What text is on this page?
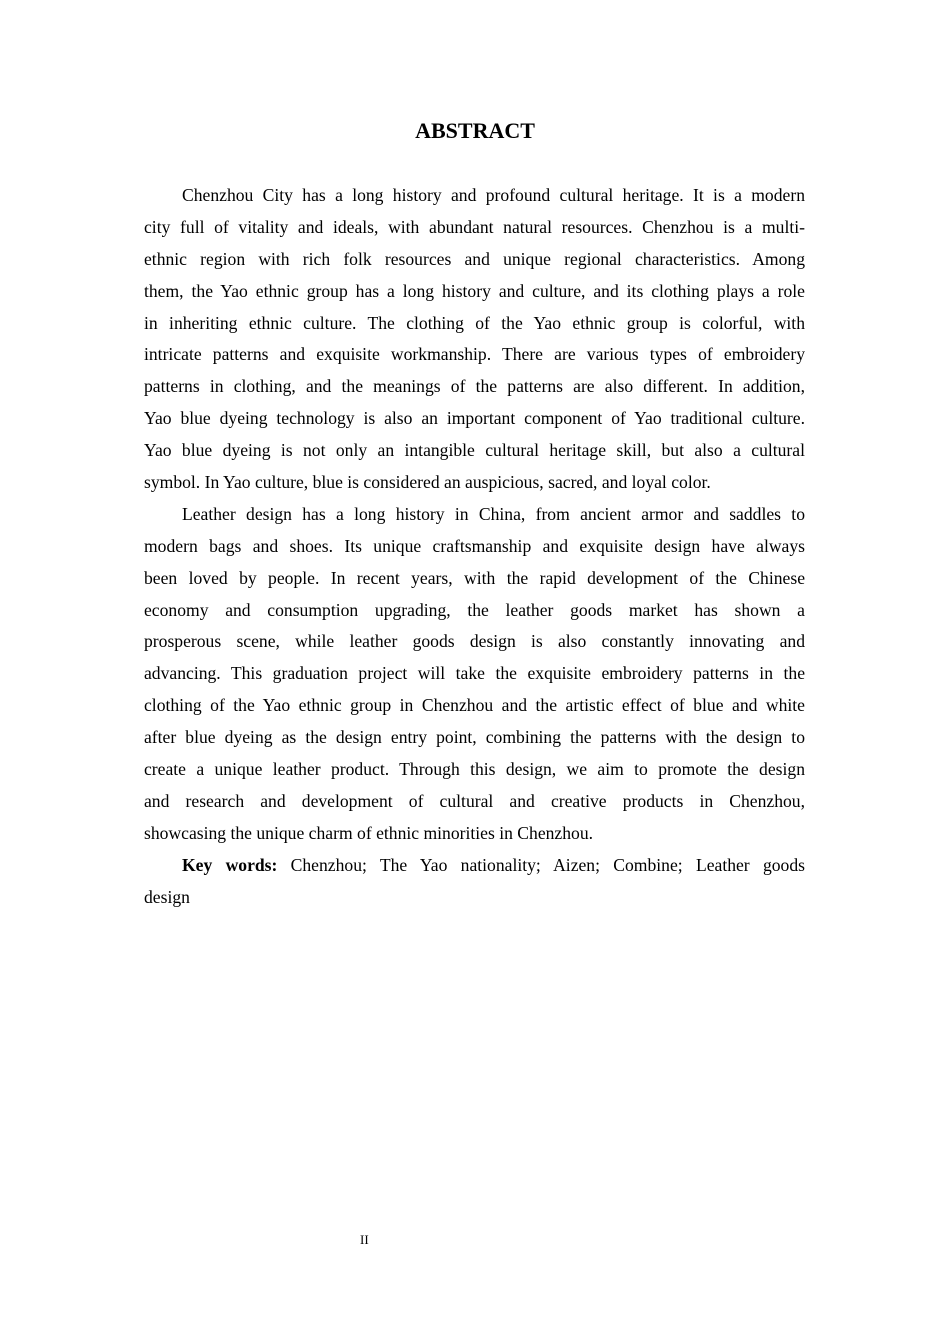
ABSTRACT
Chenzhou City has a long history and profound cultural heritage. It is a modern
city full of vitality and ideals, with abundant natural resources. Chenzhou is a multi-
ethnic region with rich folk resources and unique regional characteristics. Among
them, the Yao ethnic group has a long history and culture, and its clothing plays a role
in inheriting ethnic culture. The clothing of the Yao ethnic group is colorful, with
intricate patterns and exquisite workmanship. There are various types of embroidery
patterns in clothing, and the meanings of the patterns are also different. In addition,
Yao blue dyeing technology is also an important component of Yao traditional culture.
Yao blue dyeing is not only an intangible cultural heritage skill, but also a cultural
symbol. In Yao culture, blue is considered an auspicious, sacred, and loyal color.
Leather design has a long history in China, from ancient armor and saddles to
modern bags and shoes. Its unique craftsmanship and exquisite design have always
been loved by people. In recent years, with the rapid development of the Chinese
economy and consumption upgrading, the leather goods market has shown a
prosperous scene, while leather goods design is also constantly innovating and
advancing. This graduation project will take the exquisite embroidery patterns in the
clothing of the Yao ethnic group in Chenzhou and the artistic effect of blue and white
after blue dyeing as the design entry point, combining the patterns with the design to
create a unique leather product. Through this design, we aim to promote the design
and research and development of cultural and creative products in Chenzhou,
showcasing the unique charm of ethnic minorities in Chenzhou.
Key words: Chenzhou; The Yao nationality; Aizen; Combine; Leather goods
design
II
